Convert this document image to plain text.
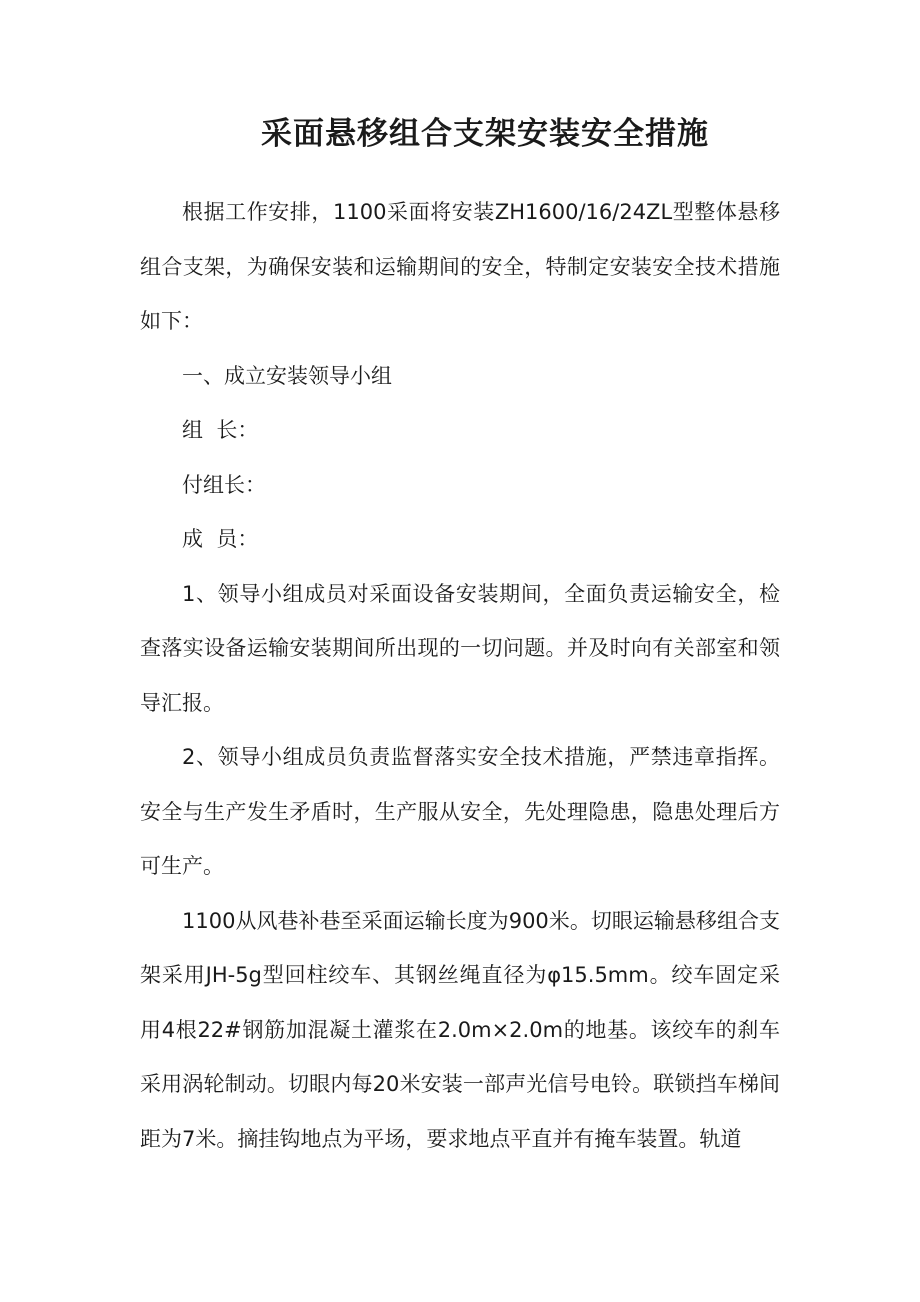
采面悬移组合支架安装安全措施

根据工作安排，1100采面将安装ZH1600/16/24ZL型整体悬移组合支架，为确保安装和运输期间的安全，特制定安装安全技术措施如下：

一、成立安装领导小组

组  长：

付组长：

成  员：

1、领导小组成员对采面设备安装期间，全面负责运输安全，检查落实设备运输安装期间所出现的一切问题。并及时向有关部室和领导汇报。

2、领导小组成员负责监督落实安全技术措施，严禁违章指挥。安全与生产发生矛盾时，生产服从安全，先处理隐患，隐患处理后方可生产。

1100从风巷补巷至采面运输长度为900米。切眼运输悬移组合支架采用JH-5g型回柱绞车、其钢丝绳直径为φ15.5mm。绞车固定采用4根22#钢筋加混凝土灌浆在2.0m×2.0m的地基。该绞车的刹车采用涡轮制动。切眼内每20米安装一部声光信号电铃。联锁挡车梯间距为7米。摘挂钩地点为平场，要求地点平直并有掩车装置。轨道
